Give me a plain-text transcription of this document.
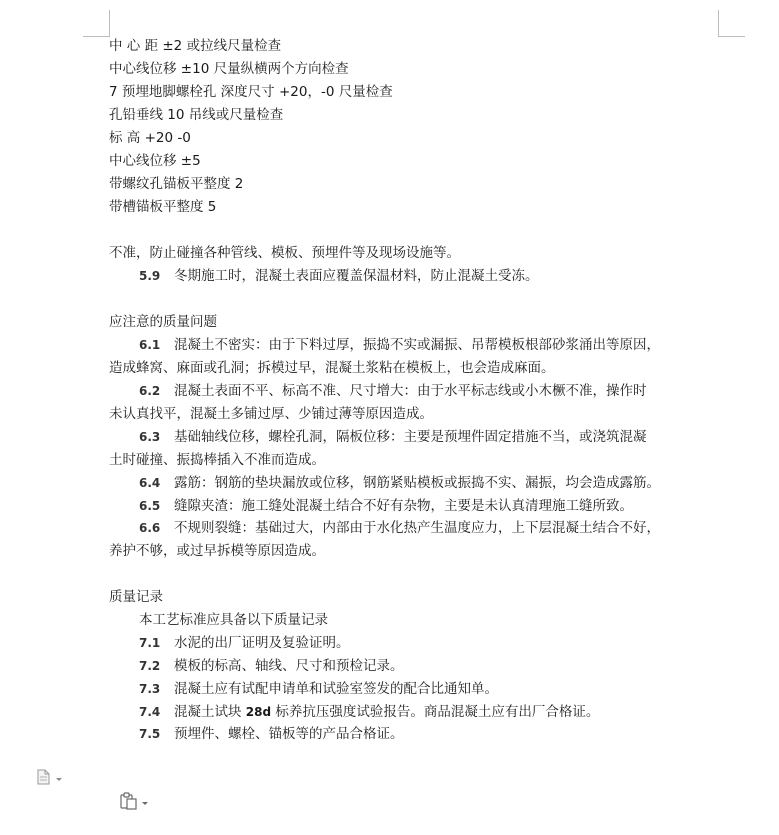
中 心 距 ±2 或拉线尺量检查
中心线位移 ±10 尺量纵横两个方向检查
7 预埋地脚螺栓孔 深度尺寸 +20，-0 尺量检查
孔铅垂线 10 吊线或尺量检查
标 高 +20 -0
中心线位移 ±5
带螺纹孔锚板平整度 2
带槽锚板平整度 5
不准，防止碰撞各种管线、模板、预埋件等及现场设施等。
5.9 冬期施工时，混凝土表面应覆盖保温材料，防止混凝土受冻。
应注意的质量问题
6.1 混凝土不密实：由于下料过厚，振捣不实或漏振、吊帮模板根部砂浆涌出等原因，
造成蜂窝、麻面或孔洞；拆模过早，混凝土浆粘在模板上，也会造成麻面。
6.2 混凝土表面不平、标高不准、尺寸增大：由于水平标志线或小木橛不准，操作时
未认真找平，混凝土多铺过厚、少铺过薄等原因造成。
6.3 基础轴线位移，螺栓孔洞，隔板位移：主要是预埋件固定措施不当，或浇筑混凝
土时碰撞、振捣棒插入不准而造成。
6.4 露筋：钢筋的垫块漏放或位移，钢筋紧贴模板或振捣不实、漏振，均会造成露筋。
6.5 缝隙夹渣：施工缝处混凝土结合不好有杂物，主要是未认真清理施工缝所致。
6.6 不规则裂缝：基础过大，内部由于水化热产生温度应力，上下层混凝土结合不好，
养护不够，或过早拆模等原因造成。
质量记录
本工艺标准应具备以下质量记录
7.1 水泥的出厂证明及复验证明。
7.2 模板的标高、轴线、尺寸和预检记录。
7.3 混凝土应有试配申请单和试验室签发的配合比通知单。
7.4 混凝土试块 28d 标养抗压强度试验报告。商品混凝土应有出厂合格证。
7.5 预埋件、螺栓、锚板等的产品合格证。
